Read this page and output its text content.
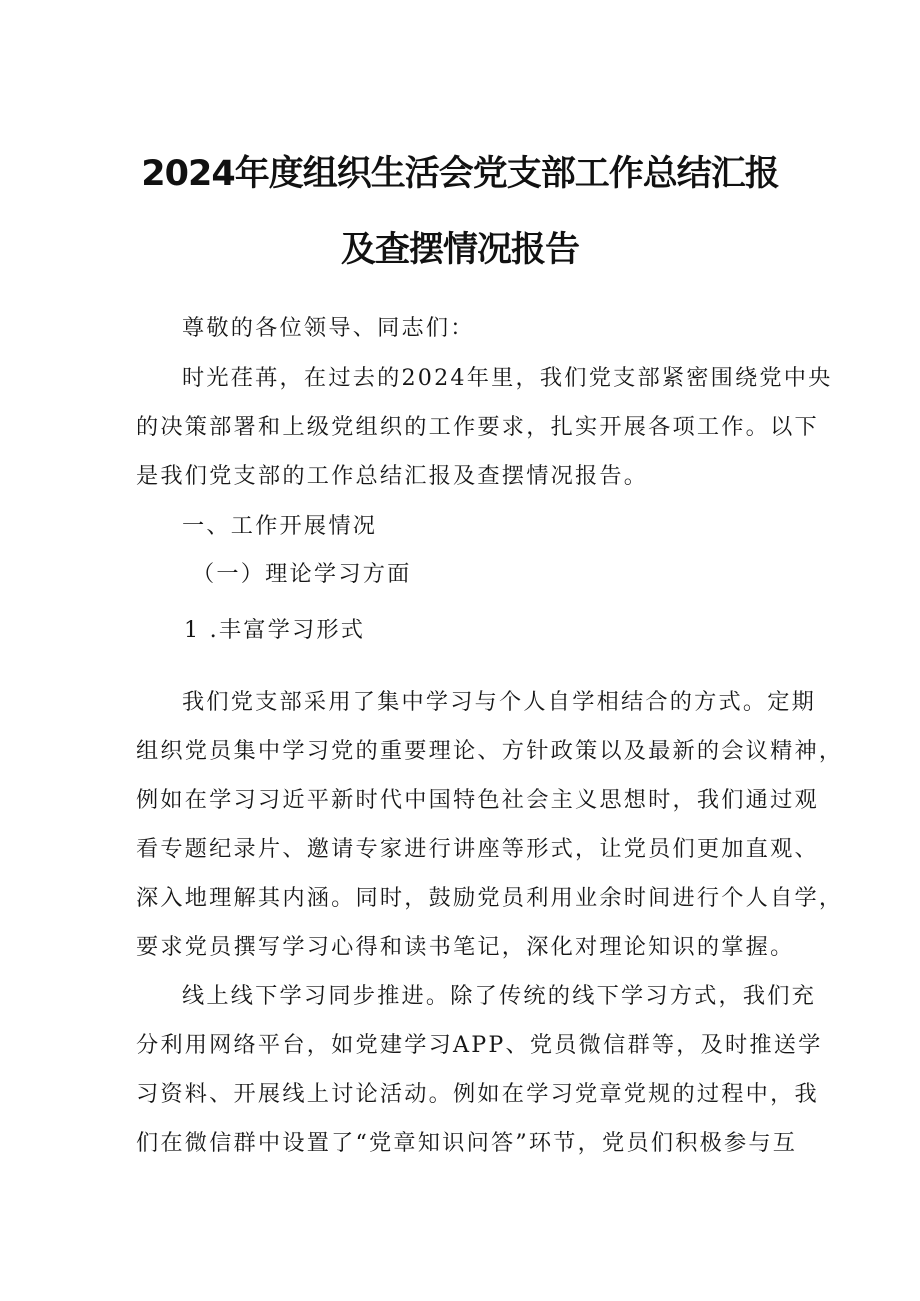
2024年度组织生活会党支部工作总结汇报
及查摆情况报告
尊敬的各位领导、同志们：
时光荏苒，在过去的2024年里，我们党支部紧密围绕党中央
的决策部署和上级党组织的工作要求，扎实开展各项工作。以下
是我们党支部的工作总结汇报及查摆情况报告。
一、工作开展情况
（一）理论学习方面
1 .丰富学习形式
我们党支部采用了集中学习与个人自学相结合的方式。定期
组织党员集中学习党的重要理论、方针政策以及最新的会议精神，
例如在学习习近平新时代中国特色社会主义思想时，我们通过观
看专题纪录片、邀请专家进行讲座等形式，让党员们更加直观、
深入地理解其内涵。同时，鼓励党员利用业余时间进行个人自学，
要求党员撰写学习心得和读书笔记，深化对理论知识的掌握。
线上线下学习同步推进。除了传统的线下学习方式，我们充
分利用网络平台，如党建学习APP、党员微信群等，及时推送学
习资料、开展线上讨论活动。例如在学习党章党规的过程中，我
们在微信群中设置了“党章知识问答”环节，党员们积极参与互
